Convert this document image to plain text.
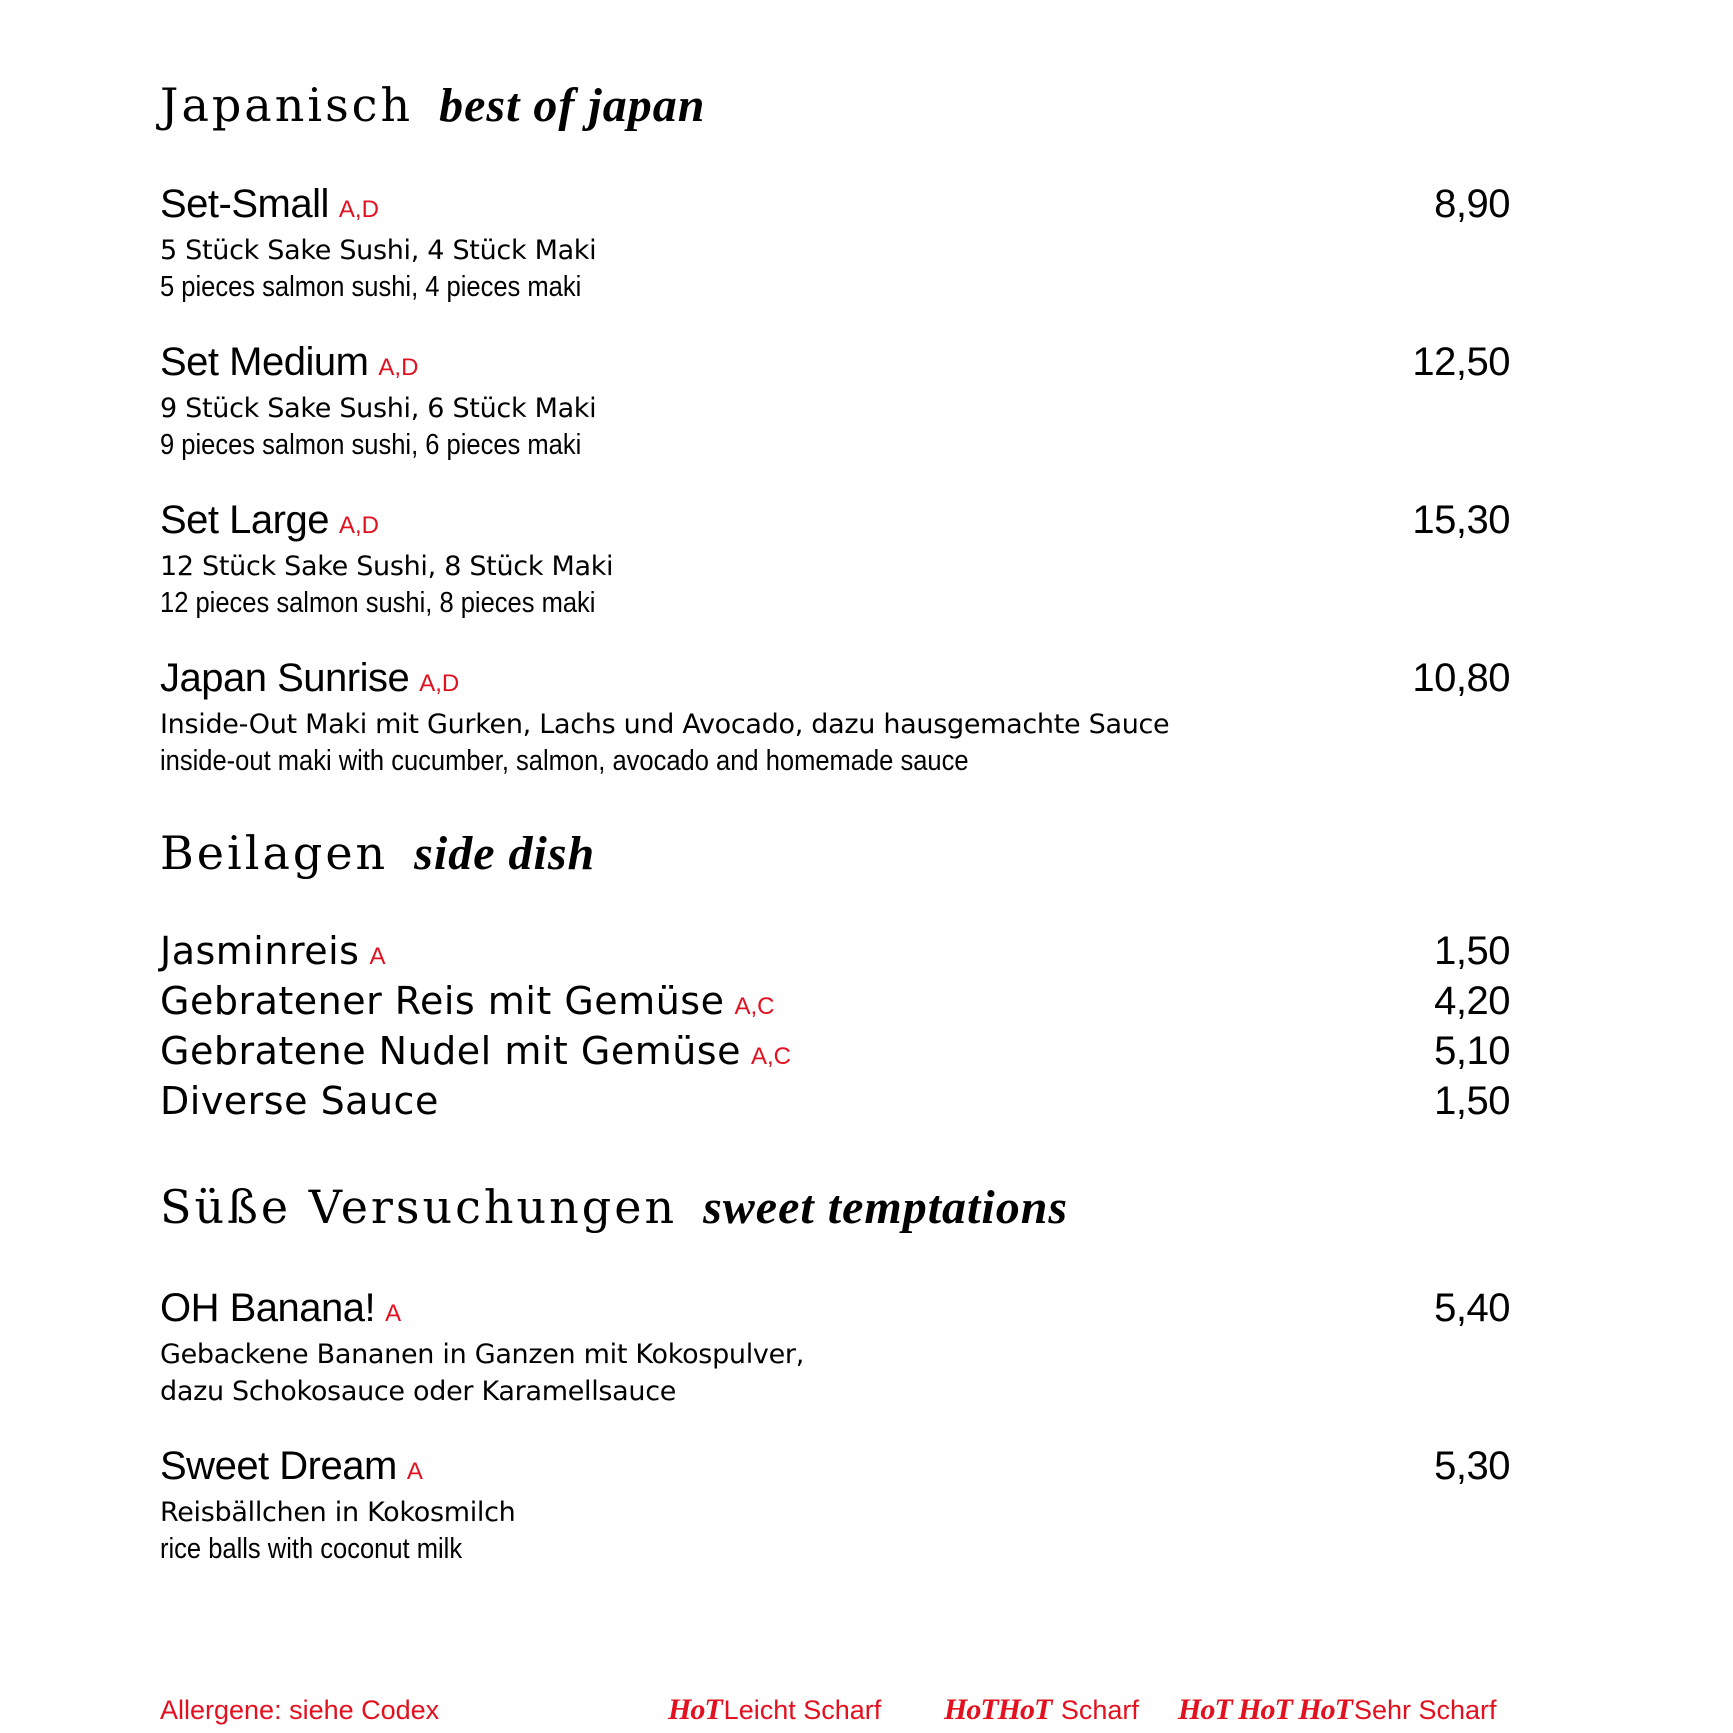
Japanisch best of japan
Set-Small A,D
5 Stück Sake Sushi, 4 Stück Maki
5 pieces salmon sushi, 4 pieces maki
8,90
Set Medium A,D
9 Stück Sake Sushi, 6 Stück Maki
9 pieces salmon sushi, 6 pieces maki
12,50
Set Large A,D
12 Stück Sake Sushi, 8 Stück Maki
12 pieces salmon sushi, 8 pieces maki
15,30
Japan Sunrise A,D
Inside-Out Maki mit Gurken, Lachs und Avocado, dazu hausgemachte Sauce
inside-out maki with cucumber, salmon, avocado and homemade sauce
10,80
Beilagen side dish
Jasminreis A	1,50
Gebratener Reis mit Gemüse A,C	4,20
Gebratene Nudel mit Gemüse A,C	5,10
Diverse Sauce	1,50
Süße Versuchungen sweet temptations
OH Banana! A
Gebackene Bananen in Ganzen mit Kokospulver,
dazu Schokosauce oder Karamellsauce
5,40
Sweet Dream A
Reisbällchen in Kokosmilch
rice balls with coconut milk
5,30
Allergene: siehe Codex	HoTLeicht Scharf HoTHoT Scharf HoT HoT HoTSehr Scharf
